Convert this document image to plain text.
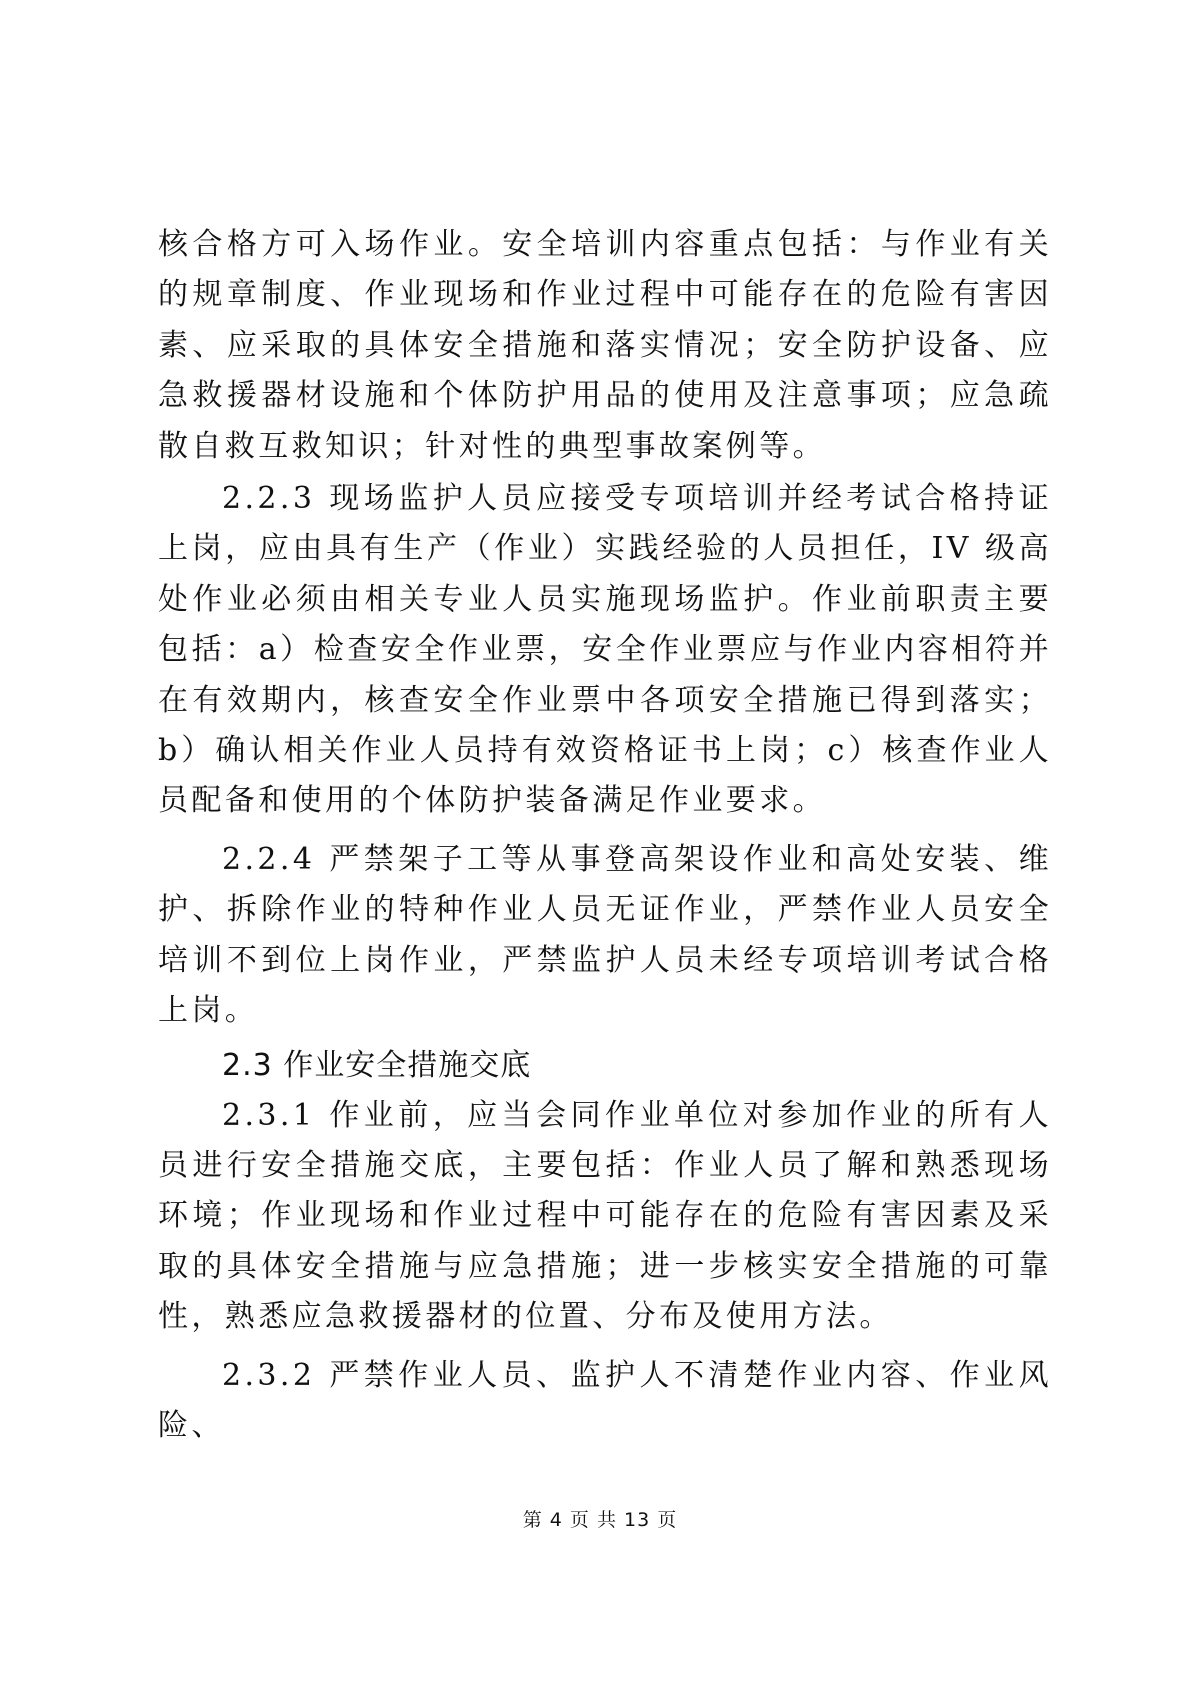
核合格方可入场作业。安全培训内容重点包括：与作业有关的规章制度、作业现场和作业过程中可能存在的危险有害因素、应采取的具体安全措施和落实情况；安全防护设备、应急救援器材设施和个体防护用品的使用及注意事项；应急疏散自救互救知识；针对性的典型事故案例等。

2.2.3 现场监护人员应接受专项培训并经考试合格持证上岗，应由具有生产（作业）实践经验的人员担任，IV 级高处作业必须由相关专业人员实施现场监护。作业前职责主要包括：a）检查安全作业票，安全作业票应与作业内容相符并在有效期内，核查安全作业票中各项安全措施已得到落实；b）确认相关作业人员持有效资格证书上岗；c）核查作业人员配备和使用的个体防护装备满足作业要求。

2.2.4 严禁架子工等从事登高架设作业和高处安装、维护、拆除作业的特种作业人员无证作业，严禁作业人员安全培训不到位上岗作业，严禁监护人员未经专项培训考试合格上岗。

2.3 作业安全措施交底

2.3.1 作业前，应当会同作业单位对参加作业的所有人员进行安全措施交底，主要包括：作业人员了解和熟悉现场环境；作业现场和作业过程中可能存在的危险有害因素及采取的具体安全措施与应急措施；进一步核实安全措施的可靠性，熟悉应急救援器材的位置、分布及使用方法。

2.3.2 严禁作业人员、监护人不清楚作业内容、作业风险、

第 4 页 共 13 页
